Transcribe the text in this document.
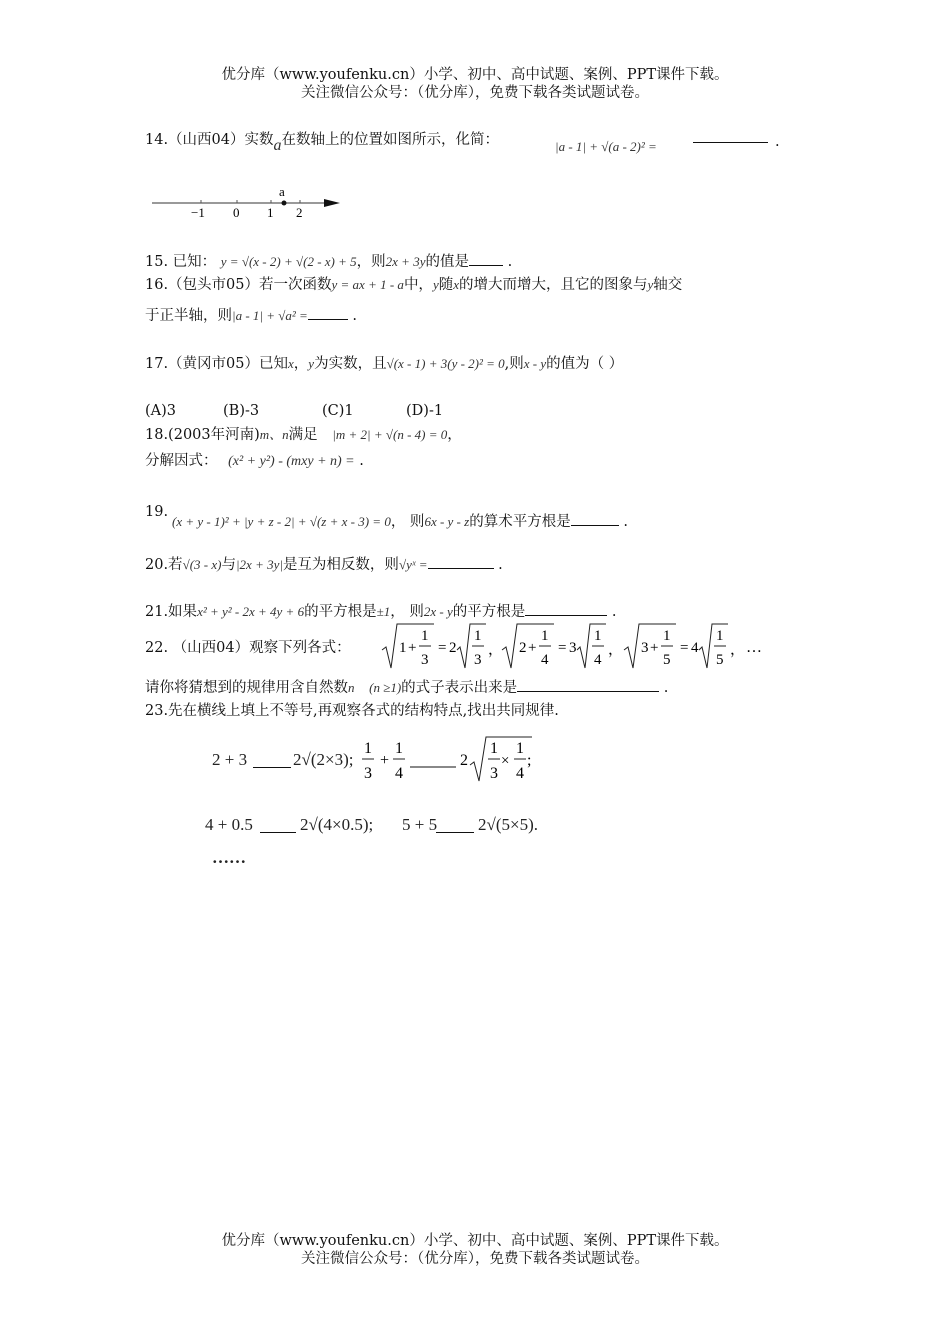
优分库（www.youfenku.cn）小学、初中、高中试题、案例、PPT课件下载。
关注微信公众号：（优分库），免费下载各类试题试卷。
14.（山西04）实数a在数轴上的位置如图所示，化简：	|a - 1| + √(a - 2)² =	.
a
−1 0 1 2
15. 已知： y = √(x - 2) + √(2 - x) + 5，则2x + 3y的值是	.
16.（包头市05）若一次函数y = ax + 1 - a中，y随x的增大而增大，且它的图象与y轴交
于正半轴，则|a - 1| + √a² =	.
17.（黄冈市05）已知x，y为实数，且√(x - 1) + 3(y - 2)² = 0,则x - y的值为（ ）
(A)3	(B)-3	(C)1	(D)-1
18.(2003年河南)m、n满足 |m + 2| + √(n - 4) = 0，
分解因式： (x² + y²) - (mxy + n) = .
19.
(x + y - 1)² + |y + z - 2| + √(z + x - 3) = 0， 则6x - y - z的算术平方根是	.
20.若√(3 - x)与|2x + 3y|是互为相反数，则√yˣ =	.
21.如果x² + y² - 2x + 4y + 6的平方根是±1， 则2x - y的平方根是	.
22. （山西04）观察下列各式：	1 +
1
3
= 2
1
3
， 2 +
1
4
= 3
1
4
， 3 +
1
5
= 4
1
5
， …
请你将猜想到的规律用含自然数n (n ≥1)的式子表示出来是	.
23.先在横线上填上不等号,再观察各式的结构特点,找出共同规律.
2 + 3	2√(2×3);
1
3
+
1
4
2
1
3
×
1
4
;
4 + 0.5	2√(4×0.5); 5 + 5 2√(5×5).
……
优分库（www.youfenku.cn）小学、初中、高中试题、案例、PPT课件下载。
关注微信公众号：（优分库），免费下载各类试题试卷。
